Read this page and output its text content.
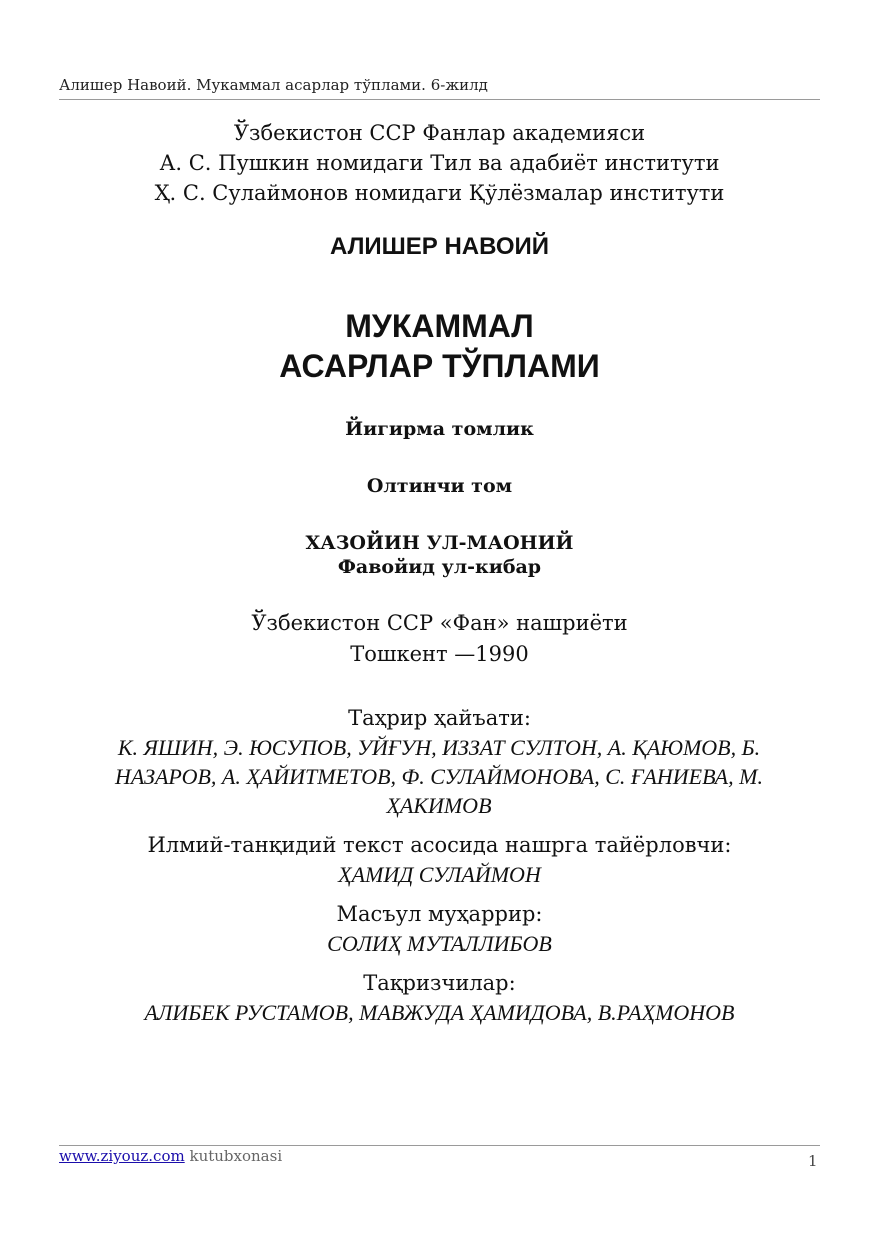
Алишер Навоий. Мукаммал асарлар тўплами. 6-жилд
Ўзбекистон ССР Фанлар академияси
А. С. Пушкин номидаги Тил ва адабиёт институти
Ҳ. С. Сулаймонов номидаги Қўлёзмалар институти
АЛИШЕР НАВОИЙ
МУКАММАЛ
АСАРЛАР ТЎПЛАМИ
Йигирма томлик
Олтинчи том
ХАЗОЙИН УЛ-МАОНИЙ
Фавойид ул-кибар
Ўзбекистон ССР «Фан» нашриёти
Тошкент —1990
Таҳрир ҳайъати:
К. ЯШИН, Э. ЮСУПОВ, УЙҒУН, ИЗЗАТ СУЛТОН, А. ҚАЮМОВ, Б. НАЗАРОВ, А. ҲАЙИТМЕТОВ, Ф. СУЛАЙМОНОВА, С. ҒАНИЕВА, М. ҲАКИМОВ
Илмий-танқидий текст асосида нашрга тайёрловчи:
ҲАМИД СУЛАЙМОН
Масъул муҳаррир:
СОЛИҲ МУТАЛЛИБОВ
Тақризчилар:
АЛИБЕК РУСТАМОВ, МАВЖУДА ҲАМИДОВА, В.РАҲМОНОВ
www.ziyouz.com kutubxonasi	1
